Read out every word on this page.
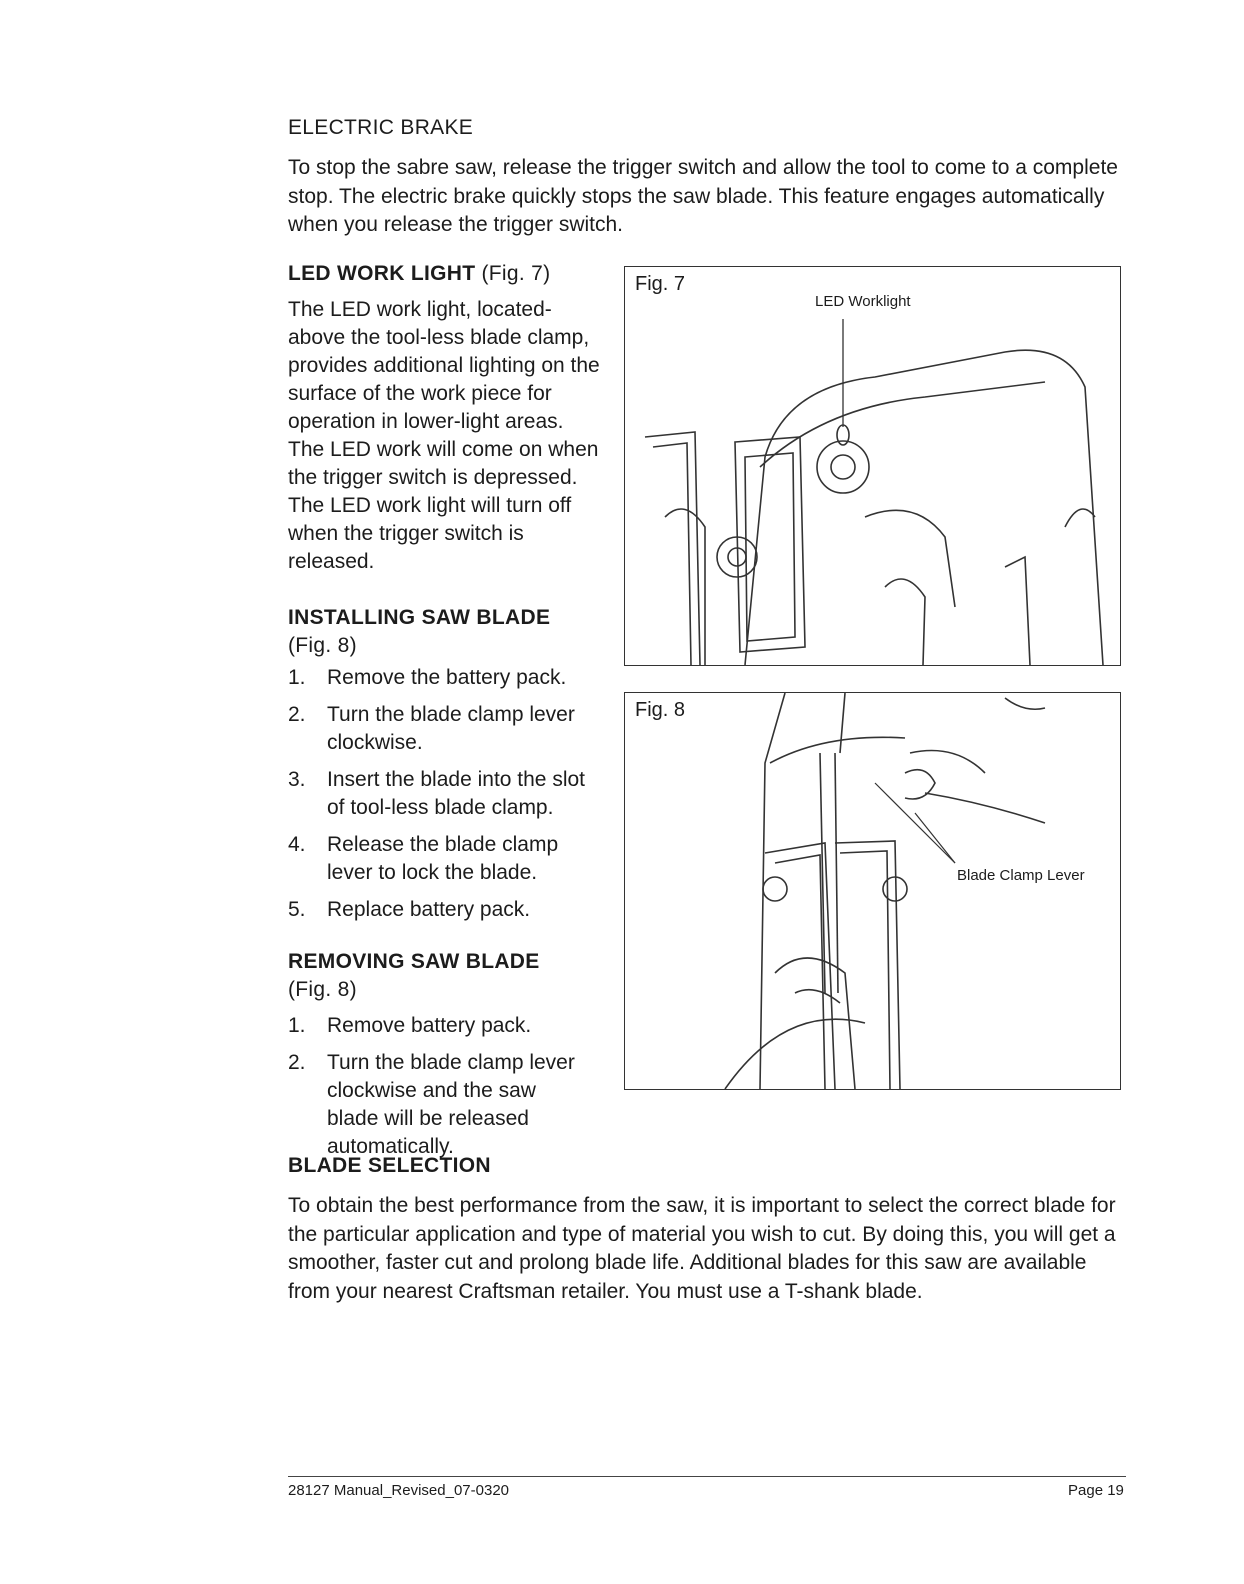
ELECTRIC BRAKE

To stop the sabre saw, release the trigger switch and allow the tool to come to a complete stop. The electric brake quickly stops the saw blade. This feature engages automatically when you release the trigger switch.

LED WORK LIGHT (Fig. 7)

The LED work light, located-above the tool-less blade clamp, provides additional lighting on the surface of the work piece for operation in lower-light areas. The LED work will come on when the trigger switch is depressed. The LED work light will turn off when the trigger switch is released.

INSTALLING SAW BLADE (Fig. 8)
1. Remove the battery pack.
2. Turn the blade clamp lever clockwise.
3. Insert the blade into the slot of tool-less blade clamp.
4. Release the blade clamp lever to lock the blade.
5. Replace battery pack.
REMOVING SAW BLADE (Fig. 8)
1. Remove battery pack.
2. Turn the blade clamp lever clockwise and the saw blade will be released automatically.
Fig. 7
LED Worklight
Fig. 8
Blade Clamp Lever
BLADE SELECTION

To obtain the best performance from the saw, it is important to select the correct blade for the particular application and type of material you wish to cut. By doing this, you will get a smoother, faster cut and prolong blade life. Additional blades for this saw are available from your nearest Craftsman retailer. You must use a T-shank blade.

28127 Manual_Revised_07-0320	Page 19
